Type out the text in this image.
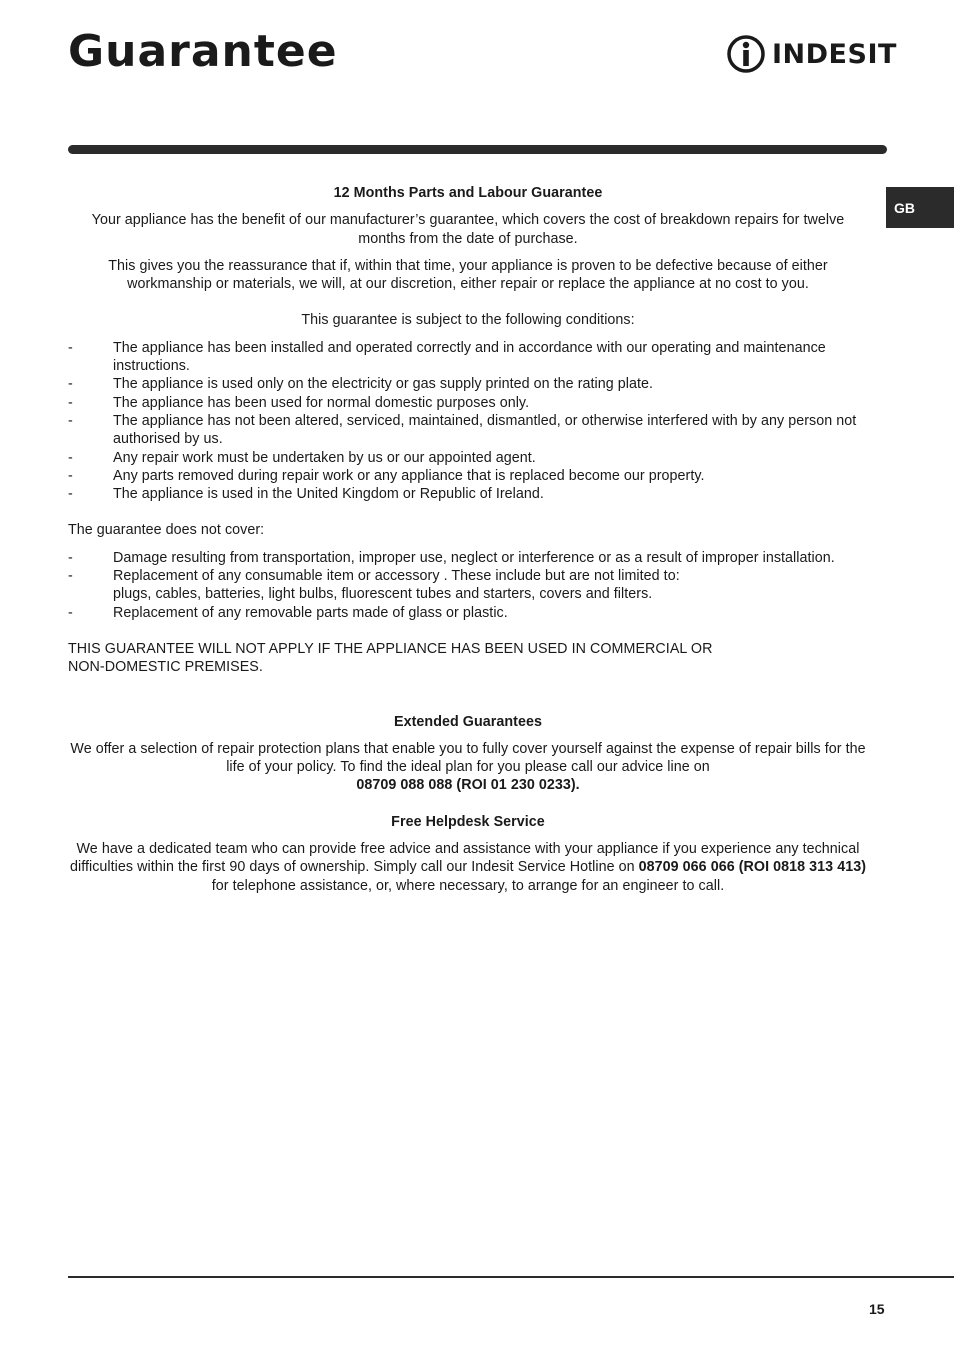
Guarantee	INDESIT
GB

12 Months Parts and Labour Guarantee

Your appliance has the benefit of our manufacturer’s guarantee, which covers the cost of breakdown repairs for twelve months from the date of purchase.

This gives you the reassurance that if, within that time, your appliance is proven to be defective because of either workmanship or materials, we will, at our discretion, either repair or replace the appliance at no cost to you.

This guarantee is subject to the following conditions:

-	The appliance has been installed and operated correctly and in accordance with our operating and maintenance instructions.
-	The appliance is used only on the electricity or gas supply printed on the rating plate.
-	The appliance has been used for normal domestic purposes only.
-	The appliance has not been altered, serviced, maintained, dismantled, or otherwise interfered with by any person not authorised by us.
-	Any repair work must be undertaken by us or our appointed agent.
-	Any parts removed during repair work or any appliance that is replaced become our property.
-	The appliance is used in the United Kingdom or Republic of Ireland.

The guarantee does not cover:

-	Damage resulting from transportation, improper use, neglect or interference or as a result of improper installation.
-	Replacement of any consumable item or accessory . These include but are not limited to:
plugs, cables, batteries, light bulbs, fluorescent tubes and starters, covers and filters.
-	Replacement of any removable parts made of glass or plastic.

THIS GUARANTEE WILL NOT APPLY IF THE APPLIANCE HAS BEEN USED IN COMMERCIAL OR
NON-DOMESTIC PREMISES.

Extended Guarantees

We offer a selection of repair protection plans that enable you to fully cover yourself against the expense of repair bills for the life of your policy. To find the ideal plan for you please call our advice line on

08709 088 088 (ROI 01 230 0233).

Free Helpdesk Service

We have a dedicated team who can provide free advice and assistance with your appliance if you experience any technical difficulties within the first 90 days of ownership. Simply call our Indesit Service Hotline on 08709 066 066 (ROI 0818 313 413) for telephone assistance, or, where necessary, to arrange for an engineer to call.

15
